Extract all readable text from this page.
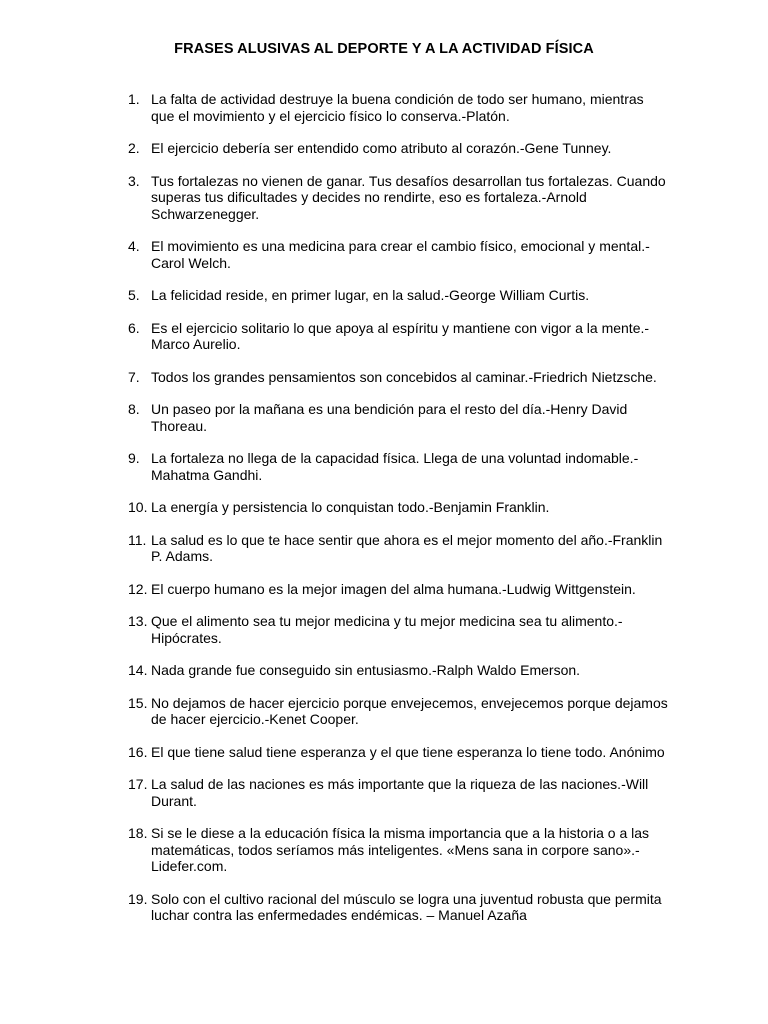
FRASES ALUSIVAS AL DEPORTE Y A LA ACTIVIDAD FÍSICA
1. La falta de actividad destruye la buena condición de todo ser humano, mientras que el movimiento y el ejercicio físico lo conserva.-Platón.
2. El ejercicio debería ser entendido como atributo al corazón.-Gene Tunney.
3. Tus fortalezas no vienen de ganar. Tus desafíos desarrollan tus fortalezas. Cuando superas tus dificultades y decides no rendirte, eso es fortaleza.-Arnold Schwarzenegger.
4. El movimiento es una medicina para crear el cambio físico, emocional y mental.-Carol Welch.
5. La felicidad reside, en primer lugar, en la salud.-George William Curtis.
6. Es el ejercicio solitario lo que apoya al espíritu y mantiene con vigor a la mente.-Marco Aurelio.
7. Todos los grandes pensamientos son concebidos al caminar.-Friedrich Nietzsche.
8. Un paseo por la mañana es una bendición para el resto del día.-Henry David Thoreau.
9. La fortaleza no llega de la capacidad física. Llega de una voluntad indomable.-Mahatma Gandhi.
10. La energía y persistencia lo conquistan todo.-Benjamin Franklin.
11. La salud es lo que te hace sentir que ahora es el mejor momento del año.-Franklin P. Adams.
12. El cuerpo humano es la mejor imagen del alma humana.-Ludwig Wittgenstein.
13. Que el alimento sea tu mejor medicina y tu mejor medicina sea tu alimento.-Hipócrates.
14. Nada grande fue conseguido sin entusiasmo.-Ralph Waldo Emerson.
15. No dejamos de hacer ejercicio porque envejecemos, envejecemos porque dejamos de hacer ejercicio.-Kenet Cooper.
16. El que tiene salud tiene esperanza y el que tiene esperanza lo tiene todo. Anónimo
17. La salud de las naciones es más importante que la riqueza de las naciones.-Will Durant.
18. Si se le diese a la educación física la misma importancia que a la historia o a las matemáticas, todos seríamos más inteligentes. «Mens sana in corpore sano».-Lidefer.com.
19. Solo con el cultivo racional del músculo se logra una juventud robusta que permita luchar contra las enfermedades endémicas. – Manuel Azaña
